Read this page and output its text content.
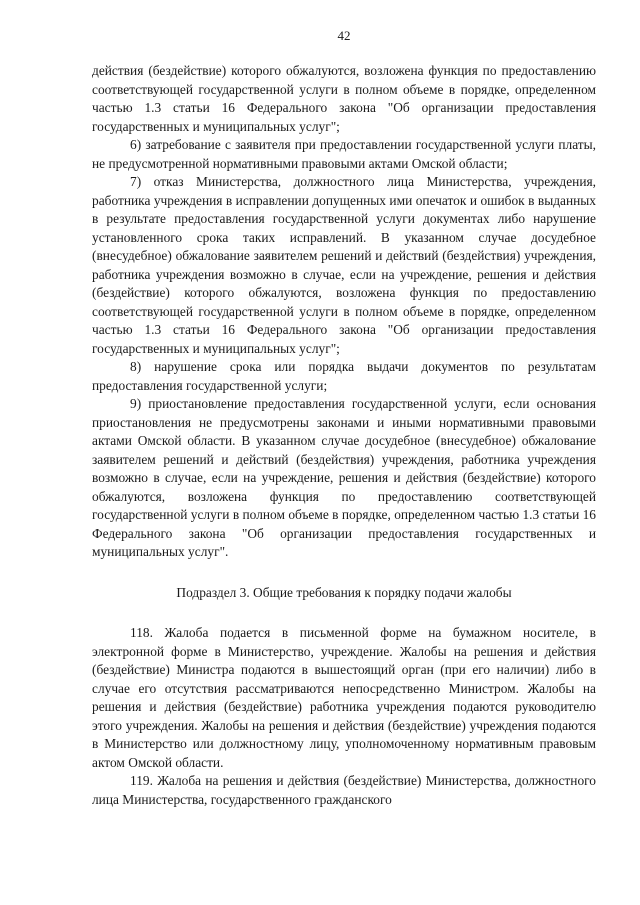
42

действия (бездействие) которого обжалуются, возложена функция по предоставлению соответствующей государственной услуги в полном объеме в порядке, определенном частью 1.3 статьи 16 Федерального закона "Об организации предоставления государственных и муниципальных услуг";

6) затребование с заявителя при предоставлении государственной услуги платы, не предусмотренной нормативными правовыми актами Омской области;

7) отказ Министерства, должностного лица Министерства, учреждения, работника учреждения в исправлении допущенных ими опечаток и ошибок в выданных в результате предоставления государственной услуги документах либо нарушение установленного срока таких исправлений. В указанном случае досудебное (внесудебное) обжалование заявителем решений и действий (бездействия) учреждения, работника учреждения возможно в случае, если на учреждение, решения и действия (бездействие) которого обжалуются, возложена функция по предоставлению соответствующей государственной услуги в полном объеме в порядке, определенном частью 1.3 статьи 16 Федерального закона "Об организации предоставления государственных и муниципальных услуг";

8) нарушение срока или порядка выдачи документов по результатам предоставления государственной услуги;

9) приостановление предоставления государственной услуги, если основания приостановления не предусмотрены законами и иными нормативными правовыми актами Омской области. В указанном случае досудебное (внесудебное) обжалование заявителем решений и действий (бездействия) учреждения, работника учреждения возможно в случае, если на учреждение, решения и действия (бездействие) которого обжалуются, возложена функция по предоставлению соответствующей государственной услуги в полном объеме в порядке, определенном частью 1.3 статьи 16 Федерального закона "Об организации предоставления государственных и муниципальных услуг".

Подраздел 3. Общие требования к порядку подачи жалобы

118. Жалоба подается в письменной форме на бумажном носителе, в электронной форме в Министерство, учреждение. Жалобы на решения и действия (бездействие) Министра подаются в вышестоящий орган (при его наличии) либо в случае его отсутствия рассматриваются непосредственно Министром. Жалобы на решения и действия (бездействие) работника учреждения подаются руководителю этого учреждения. Жалобы на решения и действия (бездействие) учреждения подаются в Министерство или должностному лицу, уполномоченному нормативным правовым актом Омской области.

119. Жалоба на решения и действия (бездействие) Министерства, должностного лица Министерства, государственного гражданского
